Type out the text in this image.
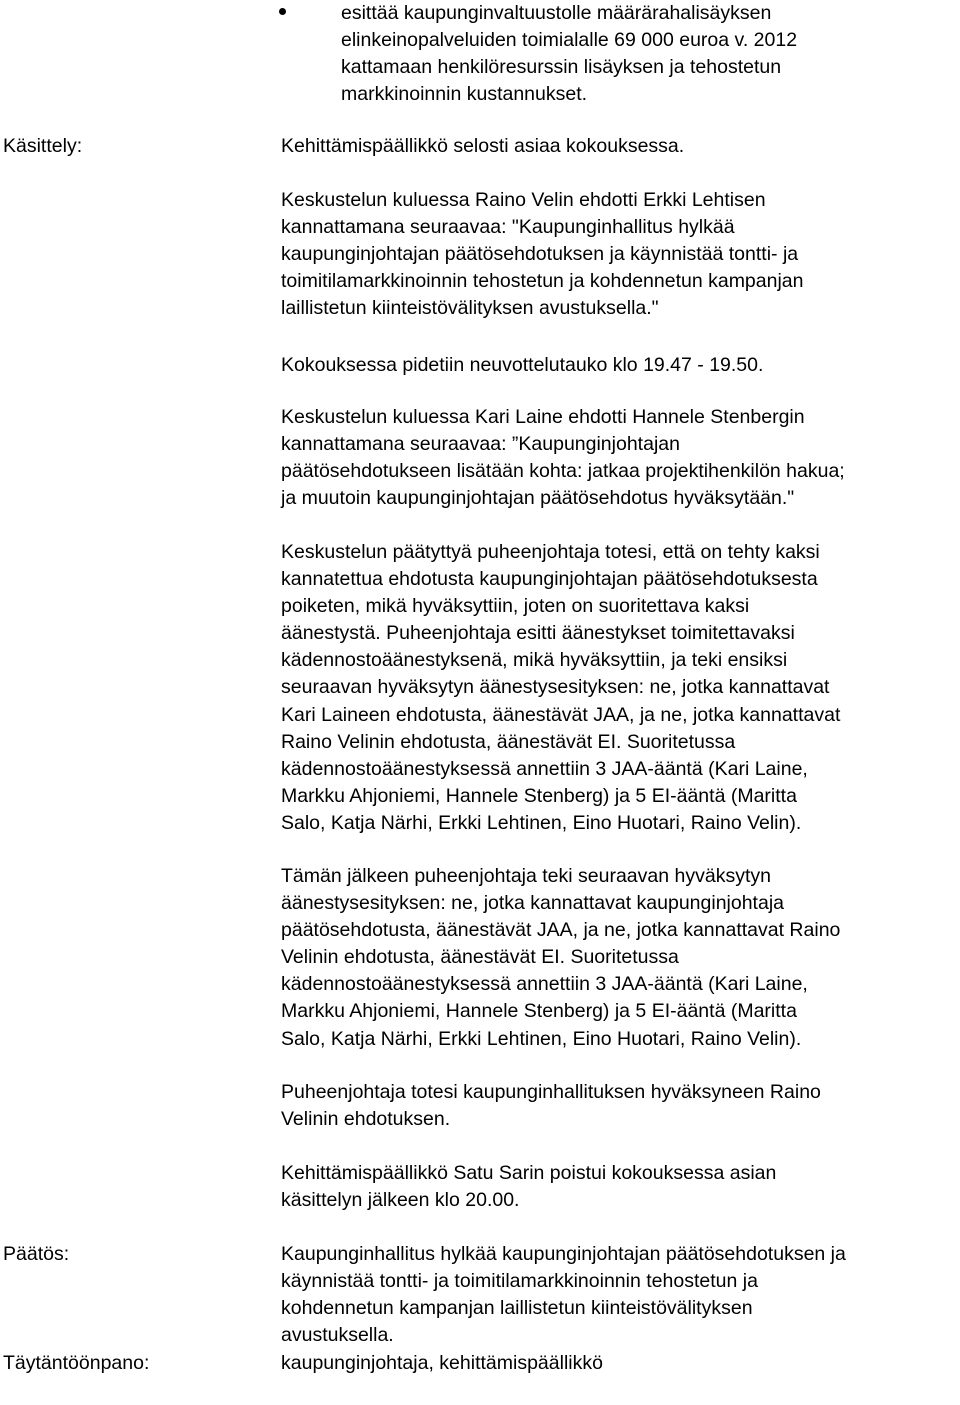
esittää kaupunginvaltuustolle määrärahalisäyksen
elinkeinopalveluiden toimialalle 69 000 euroa v. 2012
kattamaan henkilöresurssin lisäyksen ja tehostetun
markkinoinnin kustannukset.
Käsittely:	Kehittämispäällikkö selosti asiaa kokouksessa.
Keskustelun kuluessa Raino Velin ehdotti Erkki Lehtisen
kannattamana seuraavaa: "Kaupunginhallitus hylkää
kaupunginjohtajan päätösehdotuksen ja käynnistää tontti- ja
toimitilamarkkinoinnin tehostetun ja kohdennetun kampanjan
laillistetun kiinteistövälityksen avustuksella."
Kokouksessa pidetiin neuvottelutauko klo 19.47 - 19.50.
Keskustelun kuluessa Kari Laine ehdotti Hannele Stenbergin
kannattamana seuraavaa: ”Kaupunginjohtajan
päätösehdotukseen lisätään kohta: jatkaa projektihenkilön hakua;
ja muutoin kaupunginjohtajan päätösehdotus hyväksytään."
Keskustelun päätyttyä puheenjohtaja totesi, että on tehty kaksi
kannatettua ehdotusta kaupunginjohtajan päätösehdotuksesta
poiketen, mikä hyväksyttiin, joten on suoritettava kaksi
äänestystä. Puheenjohtaja esitti äänestykset toimitettavaksi
kädennostoäänestyksenä, mikä hyväksyttiin, ja teki ensiksi
seuraavan hyväksytyn äänestysesityksen: ne, jotka kannattavat
Kari Laineen ehdotusta, äänestävät JAA, ja ne, jotka kannattavat
Raino Velinin ehdotusta, äänestävät EI. Suoritetussa
kädennostoäänestyksessä annettiin 3 JAA-ääntä (Kari Laine,
Markku Ahjoniemi, Hannele Stenberg) ja 5 EI-ääntä (Maritta
Salo, Katja Närhi, Erkki Lehtinen, Eino Huotari, Raino Velin).
Tämän jälkeen puheenjohtaja teki seuraavan hyväksytyn
äänestysesityksen: ne, jotka kannattavat kaupunginjohtaja
päätösehdotusta, äänestävät JAA, ja ne, jotka kannattavat Raino
Velinin ehdotusta, äänestävät EI. Suoritetussa
kädennostoäänestyksessä annettiin 3 JAA-ääntä (Kari Laine,
Markku Ahjoniemi, Hannele Stenberg) ja 5 EI-ääntä (Maritta
Salo, Katja Närhi, Erkki Lehtinen, Eino Huotari, Raino Velin).
Puheenjohtaja totesi kaupunginhallituksen hyväksyneen Raino
Velinin ehdotuksen.
Kehittämispäällikkö Satu Sarin poistui kokouksessa asian
käsittelyn jälkeen klo 20.00.
Päätös:	Kaupunginhallitus hylkää kaupunginjohtajan päätösehdotuksen ja
käynnistää tontti- ja toimitilamarkkinoinnin tehostetun ja
kohdennetun kampanjan laillistetun kiinteistövälityksen
avustuksella.
Täytäntöönpano:	kaupunginjohtaja, kehittämispäällikkö
